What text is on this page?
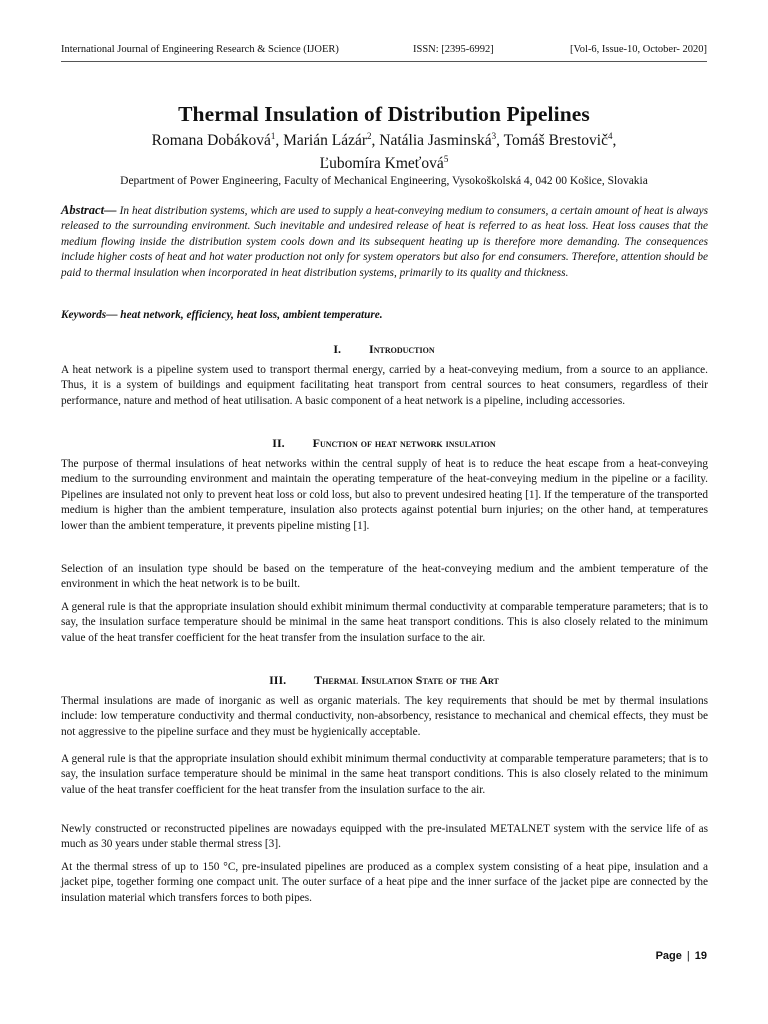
International Journal of Engineering Research & Science (IJOER)	ISSN: [2395-6992]	[Vol-6, Issue-10, October- 2020]
Thermal Insulation of Distribution Pipelines
Romana Dobáková$^1$, Marián Lázár$^2$, Natália Jasminská$^3$, Tomáš Brestovič$^4$,
Ľubomíra Kmeťová$^5$
Department of Power Engineering, Faculty of Mechanical Engineering, Vysokoškolská 4, 042 00 Košice, Slovakia
Abstract— In heat distribution systems, which are used to supply a heat-conveying medium to consumers, a certain amount of heat is always released to the surrounding environment. Such inevitable and undesired release of heat is referred to as heat loss. Heat loss causes that the medium flowing inside the distribution system cools down and its subsequent heating up is therefore more demanding. The consequences include higher costs of heat and hot water production not only for system operators but also for end consumers. Therefore, attention should be paid to thermal insulation when incorporated in heat distribution systems, primarily to its quality and thickness.
Keywords— heat network, efficiency, heat loss, ambient temperature.
I. Introduction
A heat network is a pipeline system used to transport thermal energy, carried by a heat-conveying medium, from a source to an appliance. Thus, it is a system of buildings and equipment facilitating heat transport from central sources to heat consumers, regardless of their performance, nature and method of heat utilisation. A basic component of a heat network is a pipeline, including accessories.
II. Function of heat network insulation
The purpose of thermal insulations of heat networks within the central supply of heat is to reduce the heat escape from a heat-conveying medium to the surrounding environment and maintain the operating temperature of the heat-conveying medium in the pipeline or a facility. Pipelines are insulated not only to prevent heat loss or cold loss, but also to prevent undesired heating [1]. If the temperature of the transported medium is higher than the ambient temperature, insulation also protects against potential burn injuries; on the other hand, at temperatures lower than the ambient temperature, it prevents pipeline misting [1].
Selection of an insulation type should be based on the temperature of the heat-conveying medium and the ambient temperature of the environment in which the heat network is to be built.
A general rule is that the appropriate insulation should exhibit minimum thermal conductivity at comparable temperature parameters; that is to say, the insulation surface temperature should be minimal in the same heat transport conditions. This is also closely related to the minimum value of the heat transfer coefficient for the heat transfer from the insulation surface to the air.
III. Thermal Insulation State of the Art
Thermal insulations are made of inorganic as well as organic materials. The key requirements that should be met by thermal insulations include: low temperature conductivity and thermal conductivity, non-absorbency, resistance to mechanical and chemical effects, they must be not aggressive to the pipeline surface and they must be hygienically acceptable.
A general rule is that the appropriate insulation should exhibit minimum thermal conductivity at comparable temperature parameters; that is to say, the insulation surface temperature should be minimal in the same heat transport conditions. This is also closely related to the minimum value of the heat transfer coefficient for the heat transfer from the insulation surface to the air.
Newly constructed or reconstructed pipelines are nowadays equipped with the pre-insulated METALNET system with the service life of as much as 30 years under stable thermal stress [3].
At the thermal stress of up to 150 °C, pre-insulated pipelines are produced as a complex system consisting of a heat pipe, insulation and a jacket pipe, together forming one compact unit. The outer surface of a heat pipe and the inner surface of the jacket pipe are connected by the insulation material which transfers forces to both pipes.
Page | 19
